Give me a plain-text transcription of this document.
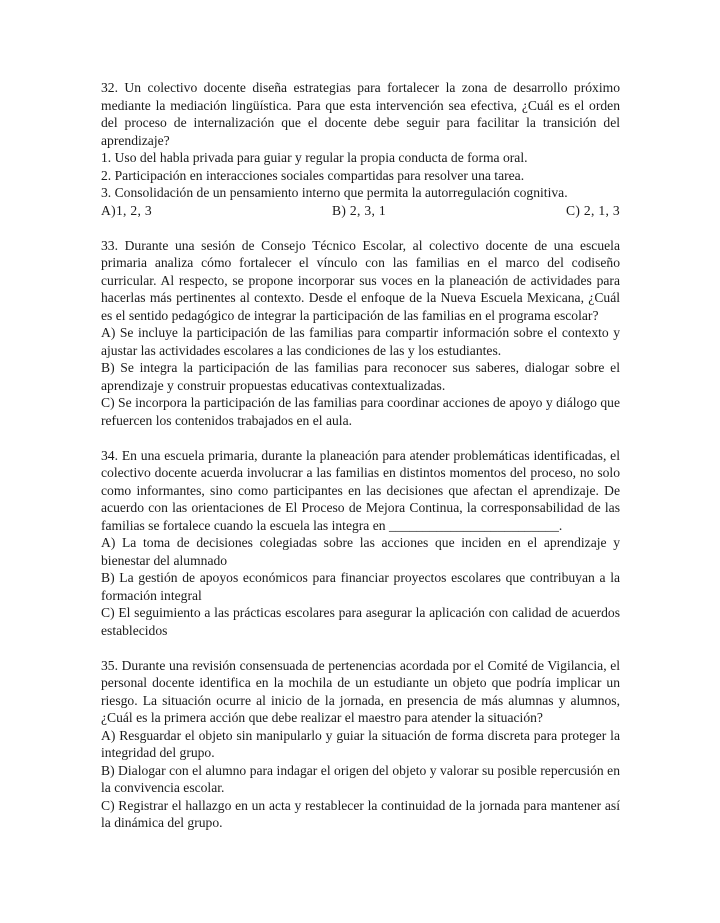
32. Un colectivo docente diseña estrategias para fortalecer la zona de desarrollo próximo mediante la mediación lingüística. Para que esta intervención sea efectiva, ¿Cuál es el orden del proceso de internalización que el docente debe seguir para facilitar la transición del aprendizaje?
1. Uso del habla privada para guiar y regular la propia conducta de forma oral.
2. Participación en interacciones sociales compartidas para resolver una tarea.
3. Consolidación de un pensamiento interno que permita la autorregulación cognitiva.
A)1, 2, 3	B) 2, 3, 1	C) 2, 1, 3
33. Durante una sesión de Consejo Técnico Escolar, al colectivo docente de una escuela primaria analiza cómo fortalecer el vínculo con las familias en el marco del codiseño curricular. Al respecto, se propone incorporar sus voces en la planeación de actividades para hacerlas más pertinentes al contexto. Desde el enfoque de la Nueva Escuela Mexicana, ¿Cuál es el sentido pedagógico de integrar la participación de las familias en el programa escolar?
A) Se incluye la participación de las familias para compartir información sobre el contexto y ajustar las actividades escolares a las condiciones de las y los estudiantes.
B) Se integra la participación de las familias para reconocer sus saberes, dialogar sobre el aprendizaje y construir propuestas educativas contextualizadas.
C) Se incorpora la participación de las familias para coordinar acciones de apoyo y diálogo que refuercen los contenidos trabajados en el aula.
34. En una escuela primaria, durante la planeación para atender problemáticas identificadas, el colectivo docente acuerda involucrar a las familias en distintos momentos del proceso, no solo como informantes, sino como participantes en las decisiones que afectan el aprendizaje. De acuerdo con las orientaciones de El Proceso de Mejora Continua, la corresponsabilidad de las familias se fortalece cuando la escuela las integra en _________________________.
A) La toma de decisiones colegiadas sobre las acciones que inciden en el aprendizaje y bienestar del alumnado
B) La gestión de apoyos económicos para financiar proyectos escolares que contribuyan a la formación integral
C) El seguimiento a las prácticas escolares para asegurar la aplicación con calidad de acuerdos establecidos
35. Durante una revisión consensuada de pertenencias acordada por el Comité de Vigilancia, el personal docente identifica en la mochila de un estudiante un objeto que podría implicar un riesgo. La situación ocurre al inicio de la jornada, en presencia de más alumnas y alumnos, ¿Cuál es la primera acción que debe realizar el maestro para atender la situación?
A) Resguardar el objeto sin manipularlo y guiar la situación de forma discreta para proteger la integridad del grupo.
B) Dialogar con el alumno para indagar el origen del objeto y valorar su posible repercusión en la convivencia escolar.
C) Registrar el hallazgo en un acta y restablecer la continuidad de la jornada para mantener así la dinámica del grupo.
